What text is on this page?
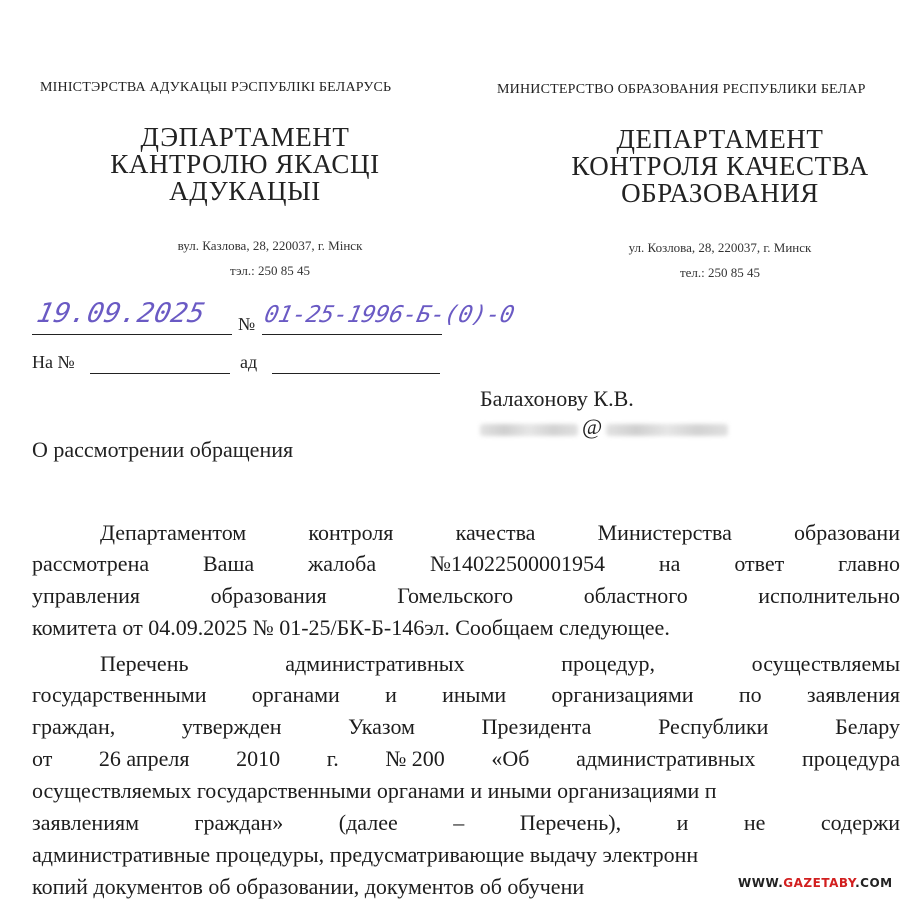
МІНІСТЭРСТВА АДУКАЦЫІ РЭСПУБЛІКІ БЕЛАРУСЬ
ДЭПАРТАМЕНТ
КАНТРОЛЮ ЯКАСЦІ
АДУКАЦЫІ
вул. Казлова, 28, 220037, г. Мінск
тэл.: 250 85 45
МИНИСТЕРСТВО ОБРАЗОВАНИЯ РЕСПУБЛИКИ БЕЛАР
ДЕПАРТАМЕНТ
КОНТРОЛЯ КАЧЕСТВА
ОБРАЗОВАНИЯ
ул. Козлова, 28, 220037, г. Минск
тел.: 250 85 45
19.09.2025 № 01-25-1996-Б-(0)-0
На №	ад
Балахонову К.В.
@
О рассмотрении обращения
Департаментом	контроля	качества	Министерства	образовани
рассмотрена Ваша жалоба №14022500001954 на ответ главно
управления	образования	Гомельского	областного	исполнительно
комитета от 04.09.2025 № 01-25/БК-Б-146эл. Сообщаем следующее.
Перечень	административных	процедур,	осуществляемы
государственными органами и иными организациями по заявления
граждан,	утвержден	Указом	Президента	Республики	Белару
от 26 апреля 2010 г. № 200 «Об административных процедура
осуществляемых государственными органами и иными организациями п
заявлениям	граждан»	(далее	–	Перечень),	и	не	содержи
административные процедуры, предусматривающие выдачу электронн
копий документов об образовании, документов об обучени	WWW.GAZETABY.COM
